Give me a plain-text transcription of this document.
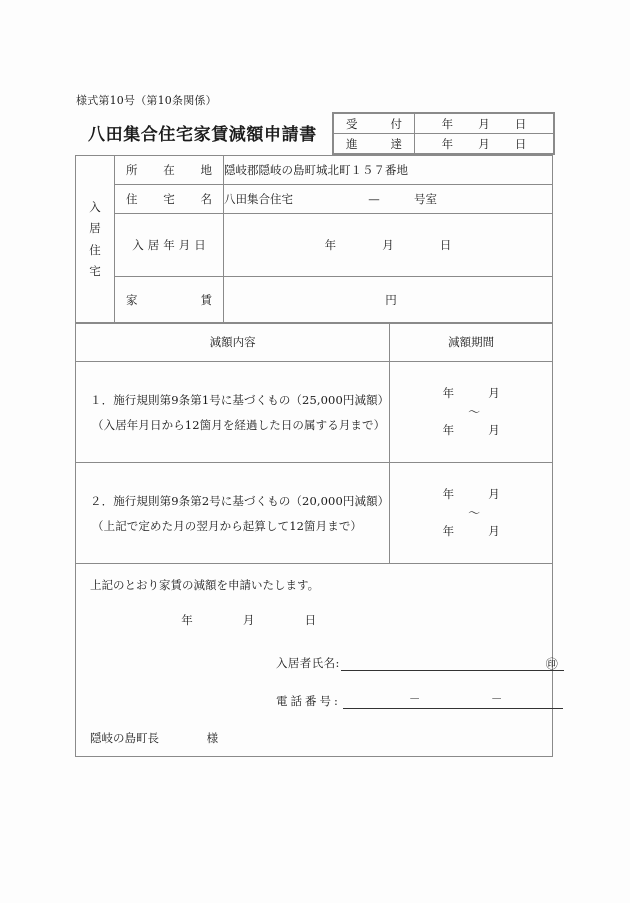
様式第10号（第10条関係）
八田集合住宅家賃減額申請書
受 付	年 月 日

進 達	年 月 日
入
居
住
宅	所 在 地	隠岐郡隠岐の島町城北町１５７番地

	住 宅 名	八田集合住宅 — 号室

入居年月日	年 月 日

	家 賃	円
減額内容	減額期間

１．施行規則第9条第1号に基づくもの（25,000円減額）
（入居年月日から12箇月を経過した日の属する月まで）

年	月
～
年	月

２．施行規則第9条第2号に基づくもの（20,000円減額）
（上記で定めた月の翌月から起算して12箇月まで）

年	月
～
年	月

上記のとおり家賃の減額を申請いたします。
年	月	日
入居者氏名:	㊞
電話番号:	－	－
隠岐の島町長	様
